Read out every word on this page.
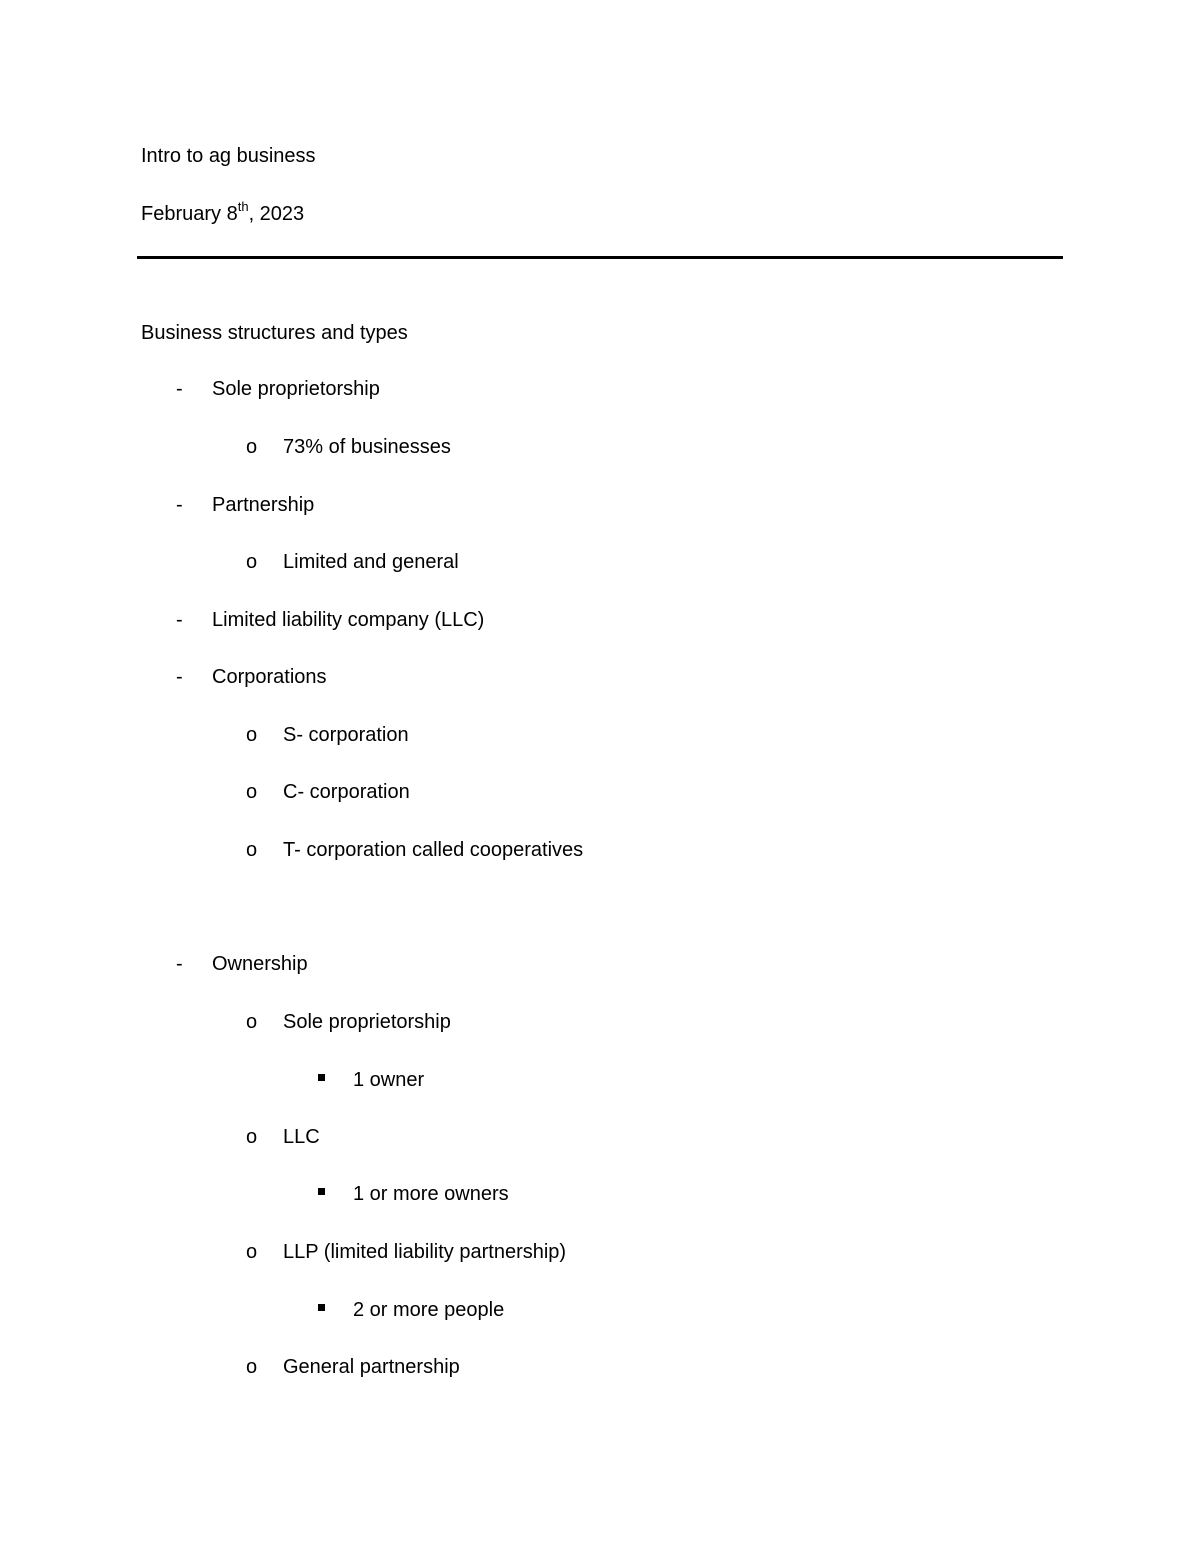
Intro to ag business
February 8th, 2023
Business structures and types
- Sole proprietorship
o 73% of businesses
- Partnership
o Limited and general
- Limited liability company (LLC)
- Corporations
o S- corporation
o C- corporation
o T- corporation called cooperatives
- Ownership
o Sole proprietorship
1 owner
o LLC
1 or more owners
o LLP (limited liability partnership)
2 or more people
o General partnership
